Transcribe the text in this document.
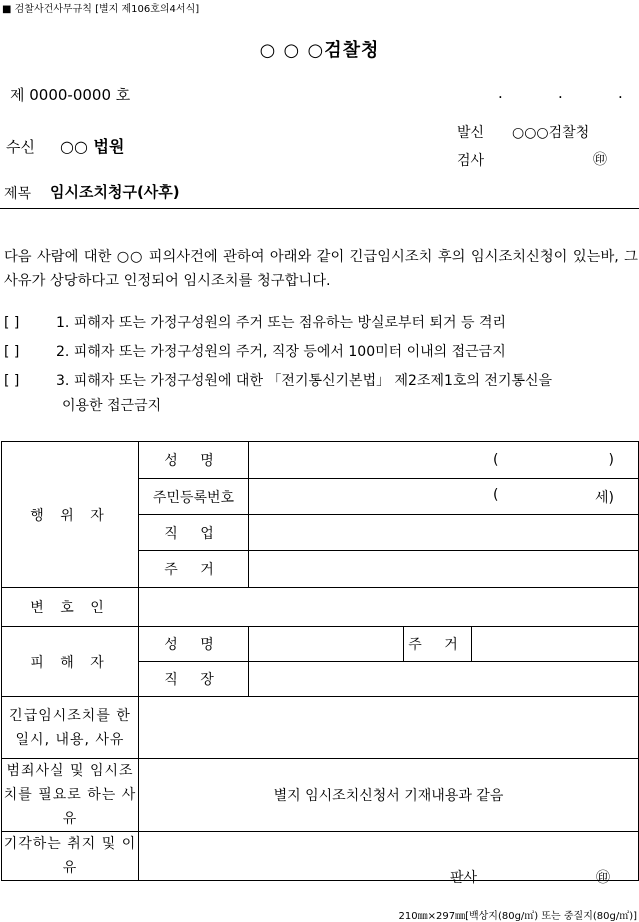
■ 검찰사건사무규칙 [별지 제106호의4서식]
○ ○ ○검찰청
제 0000-0000 호	.	.	.
수신 ○○ 법원
발신 ○○○검찰청
검사	㊞
제목 임시조치청구(사후)
다음 사람에 대한 ○○ 피의사건에 관하여 아래와 같이 긴급임시조치 후의 임시조치신청이 있는바, 그 사유가 상당하다고 인정되어 임시조치를 청구합니다.
[ ]	1. 피해자 또는 가정구성원의 주거 또는 점유하는 방실로부터 퇴거 등 격리
[ ]	2. 피해자 또는 가정구성원의 주거, 직장 등에서 100미터 이내의 접근금지
[ ]	3. 피해자 또는 가정구성원에 대한 「전기통신기본법」 제2조제1호의 전기통신을
이용한 접근금지
행 위 자	성 명	( )		

	주민등록번호	( 세)		

	직 업			
	주 거			
변 호 인				
피 해 자	성 명		주 거	
	직 장			
긴급임시조치를 한 일시, 내용, 사유				
범죄사실 및 임시조치를 필요로 하는 사유	별지 임시조치신청서 기재내용과 같음			
기각하는 취지 및 이유	판사 ㊞			
210㎜×297㎜[백상지(80g/㎡) 또는 중질지(80g/㎡)]
